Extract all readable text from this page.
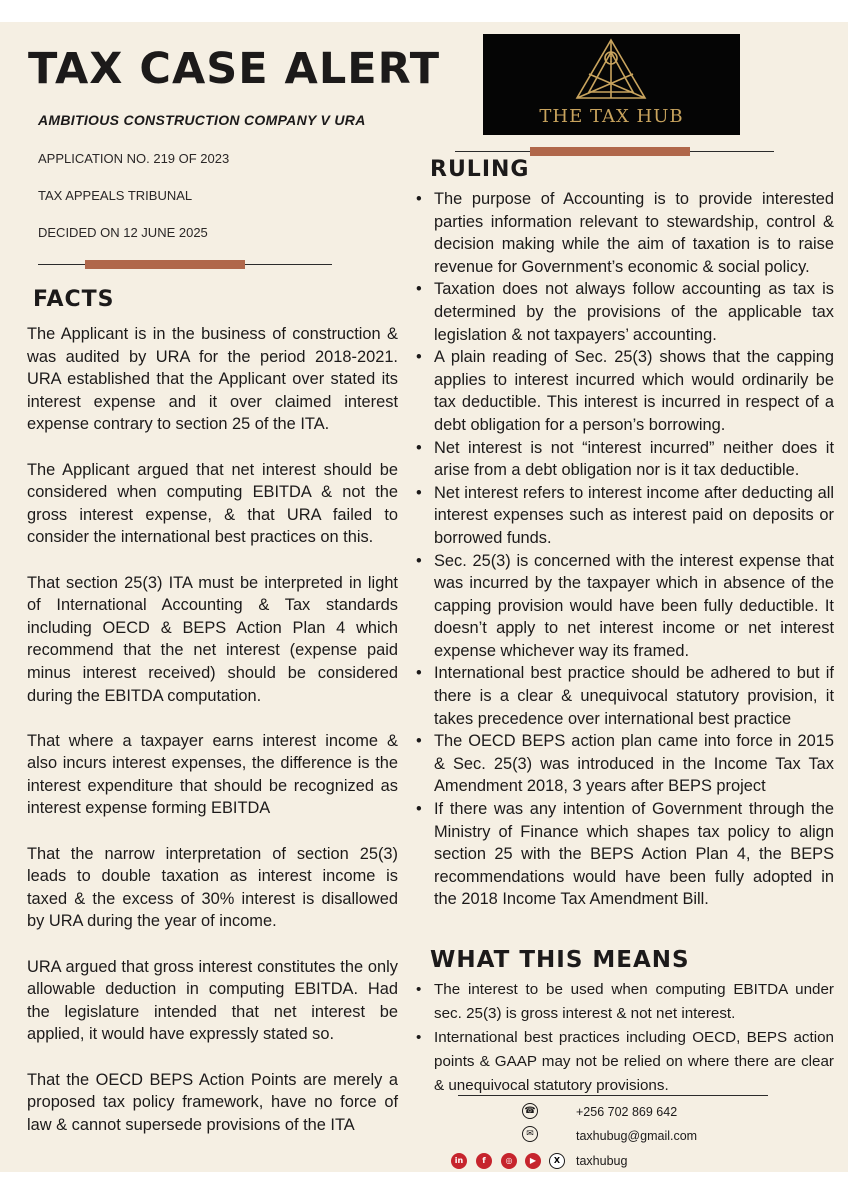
TAX CASE ALERT
AMBITIOUS CONSTRUCTION COMPANY V URA
APPLICATION NO. 219 OF 2023
TAX APPEALS TRIBUNAL
DECIDED ON 12 JUNE 2025
T
THE TAX HUB
FACTS

The Applicant is in the business of construction & was audited by URA for the period 2018-2021. URA established that the Applicant over stated its interest expense and it over claimed interest expense contrary to section 25 of the ITA.

The Applicant argued that net interest should be considered when computing EBITDA & not the gross interest expense, & that URA failed to consider the international best practices on this.

That section 25(3) ITA must be interpreted in light of International Accounting & Tax standards including OECD & BEPS Action Plan 4 which recommend that the net interest (expense paid minus interest received) should be considered during the EBITDA computation.

That where a taxpayer earns interest income & also incurs interest expenses, the difference is the interest expenditure that should be recognized as interest expense forming EBITDA

That the narrow interpretation of section 25(3) leads to double taxation as interest income is taxed & the excess of 30% interest is disallowed by URA during the year of income.

URA argued that gross interest constitutes the only allowable deduction in computing EBITDA. Had the legislature intended that net interest be applied, it would have expressly stated so.

That the OECD BEPS Action Points are merely a proposed tax policy framework, have no force of law & cannot supersede provisions of the ITA

RULING
• The purpose of Accounting is to provide interested parties information relevant to stewardship, control & decision making while the aim of taxation is to raise revenue for Government’s economic & social policy.
• Taxation does not always follow accounting as tax is determined by the provisions of the applicable tax legislation & not taxpayers’ accounting.
• A plain reading of Sec. 25(3) shows that the capping applies to interest incurred which would ordinarily be tax deductible. This interest is incurred in respect of a debt obligation for a person’s borrowing.
• Net interest is not “interest incurred” neither does it arise from a debt obligation nor is it tax deductible.
• Net interest refers to interest income after deducting all interest expenses such as interest paid on deposits or borrowed funds.
• Sec. 25(3) is concerned with the interest expense that was incurred by the taxpayer which in absence of the capping provision would have been fully deductible. It doesn’t apply to net interest income or net interest expense whichever way its framed.
• International best practice should be adhered to but if there is a clear & unequivocal statutory provision, it takes precedence over international best practice
• The OECD BEPS action plan came into force in 2015 & Sec. 25(3) was introduced in the Income Tax Tax Amendment 2018, 3 years after BEPS project
• If there was any intention of Government through the Ministry of Finance which shapes tax policy to align section 25 with the BEPS Action Plan 4, the BEPS recommendations would have been fully adopted in the 2018 Income Tax Amendment Bill.
WHAT THIS MEANS
• The interest to be used when computing EBITDA under sec. 25(3) is gross interest & not net interest.
• International best practices including OECD, BEPS action points & GAAP may not be relied on where there are clear & unequivocal statutory provisions.
☎	+256 702 869 642
✉	taxhubug@gmail.com
in	f	◎	▶	X	taxhubug
